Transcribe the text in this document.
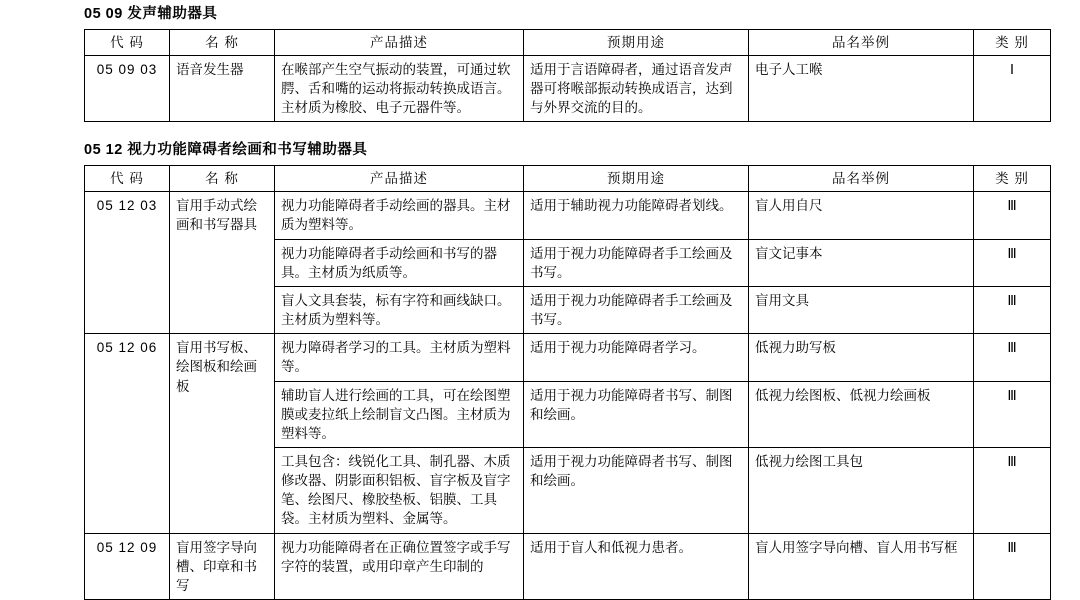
05 09 发声辅助器具
代 码	名 称	产品描述	预期用途	品名举例	类 别
05 09 03	语音发生器	在喉部产生空气振动的装置，可通过软腭、舌和嘴的运动将振动转换成语言。主材质为橡胶、电子元器件等。	适用于言语障碍者，通过语音发声器可将喉部振动转换成语言，达到与外界交流的目的。	电子人工喉	Ⅰ
05 12 视力功能障碍者绘画和书写辅助器具
代 码	名 称	产品描述	预期用途	品名举例	类 别
05 12 03	盲用手动式绘画和书写器具	视力功能障碍者手动绘画的器具。主材质为塑料等。	适用于辅助视力功能障碍者划线。	盲人用自尺	Ⅲ
		视力功能障碍者手动绘画和书写的器具。主材质为纸质等。	适用于视力功能障碍者手工绘画及书写。	盲文记事本	Ⅲ
		盲人文具套装，标有字符和画线缺口。主材质为塑料等。	适用于视力功能障碍者手工绘画及书写。	盲用文具	Ⅲ
05 12 06	盲用书写板、绘图板和绘画板	视力障碍者学习的工具。主材质为塑料等。	适用于视力功能障碍者学习。	低视力助写板	Ⅲ
		辅助盲人进行绘画的工具，可在绘图塑膜或麦拉纸上绘制盲文凸图。主材质为塑料等。	适用于视力功能障碍者书写、制图和绘画。	低视力绘图板、低视力绘画板	Ⅲ
		工具包含：线锐化工具、制孔器、木质修改器、阴影面积铝板、盲字板及盲字笔、绘图尺、橡胶垫板、铝膜、工具袋。主材质为塑料、金属等。	适用于视力功能障碍者书写、制图和绘画。	低视力绘图工具包	Ⅲ
05 12 09	盲用签字导向槽、印章和书写	视力功能障碍者在正确位置签字或手写字符的装置，或用印章产生印制的	适用于盲人和低视力患者。	盲人用签字导向槽、盲人用书写框	Ⅲ
